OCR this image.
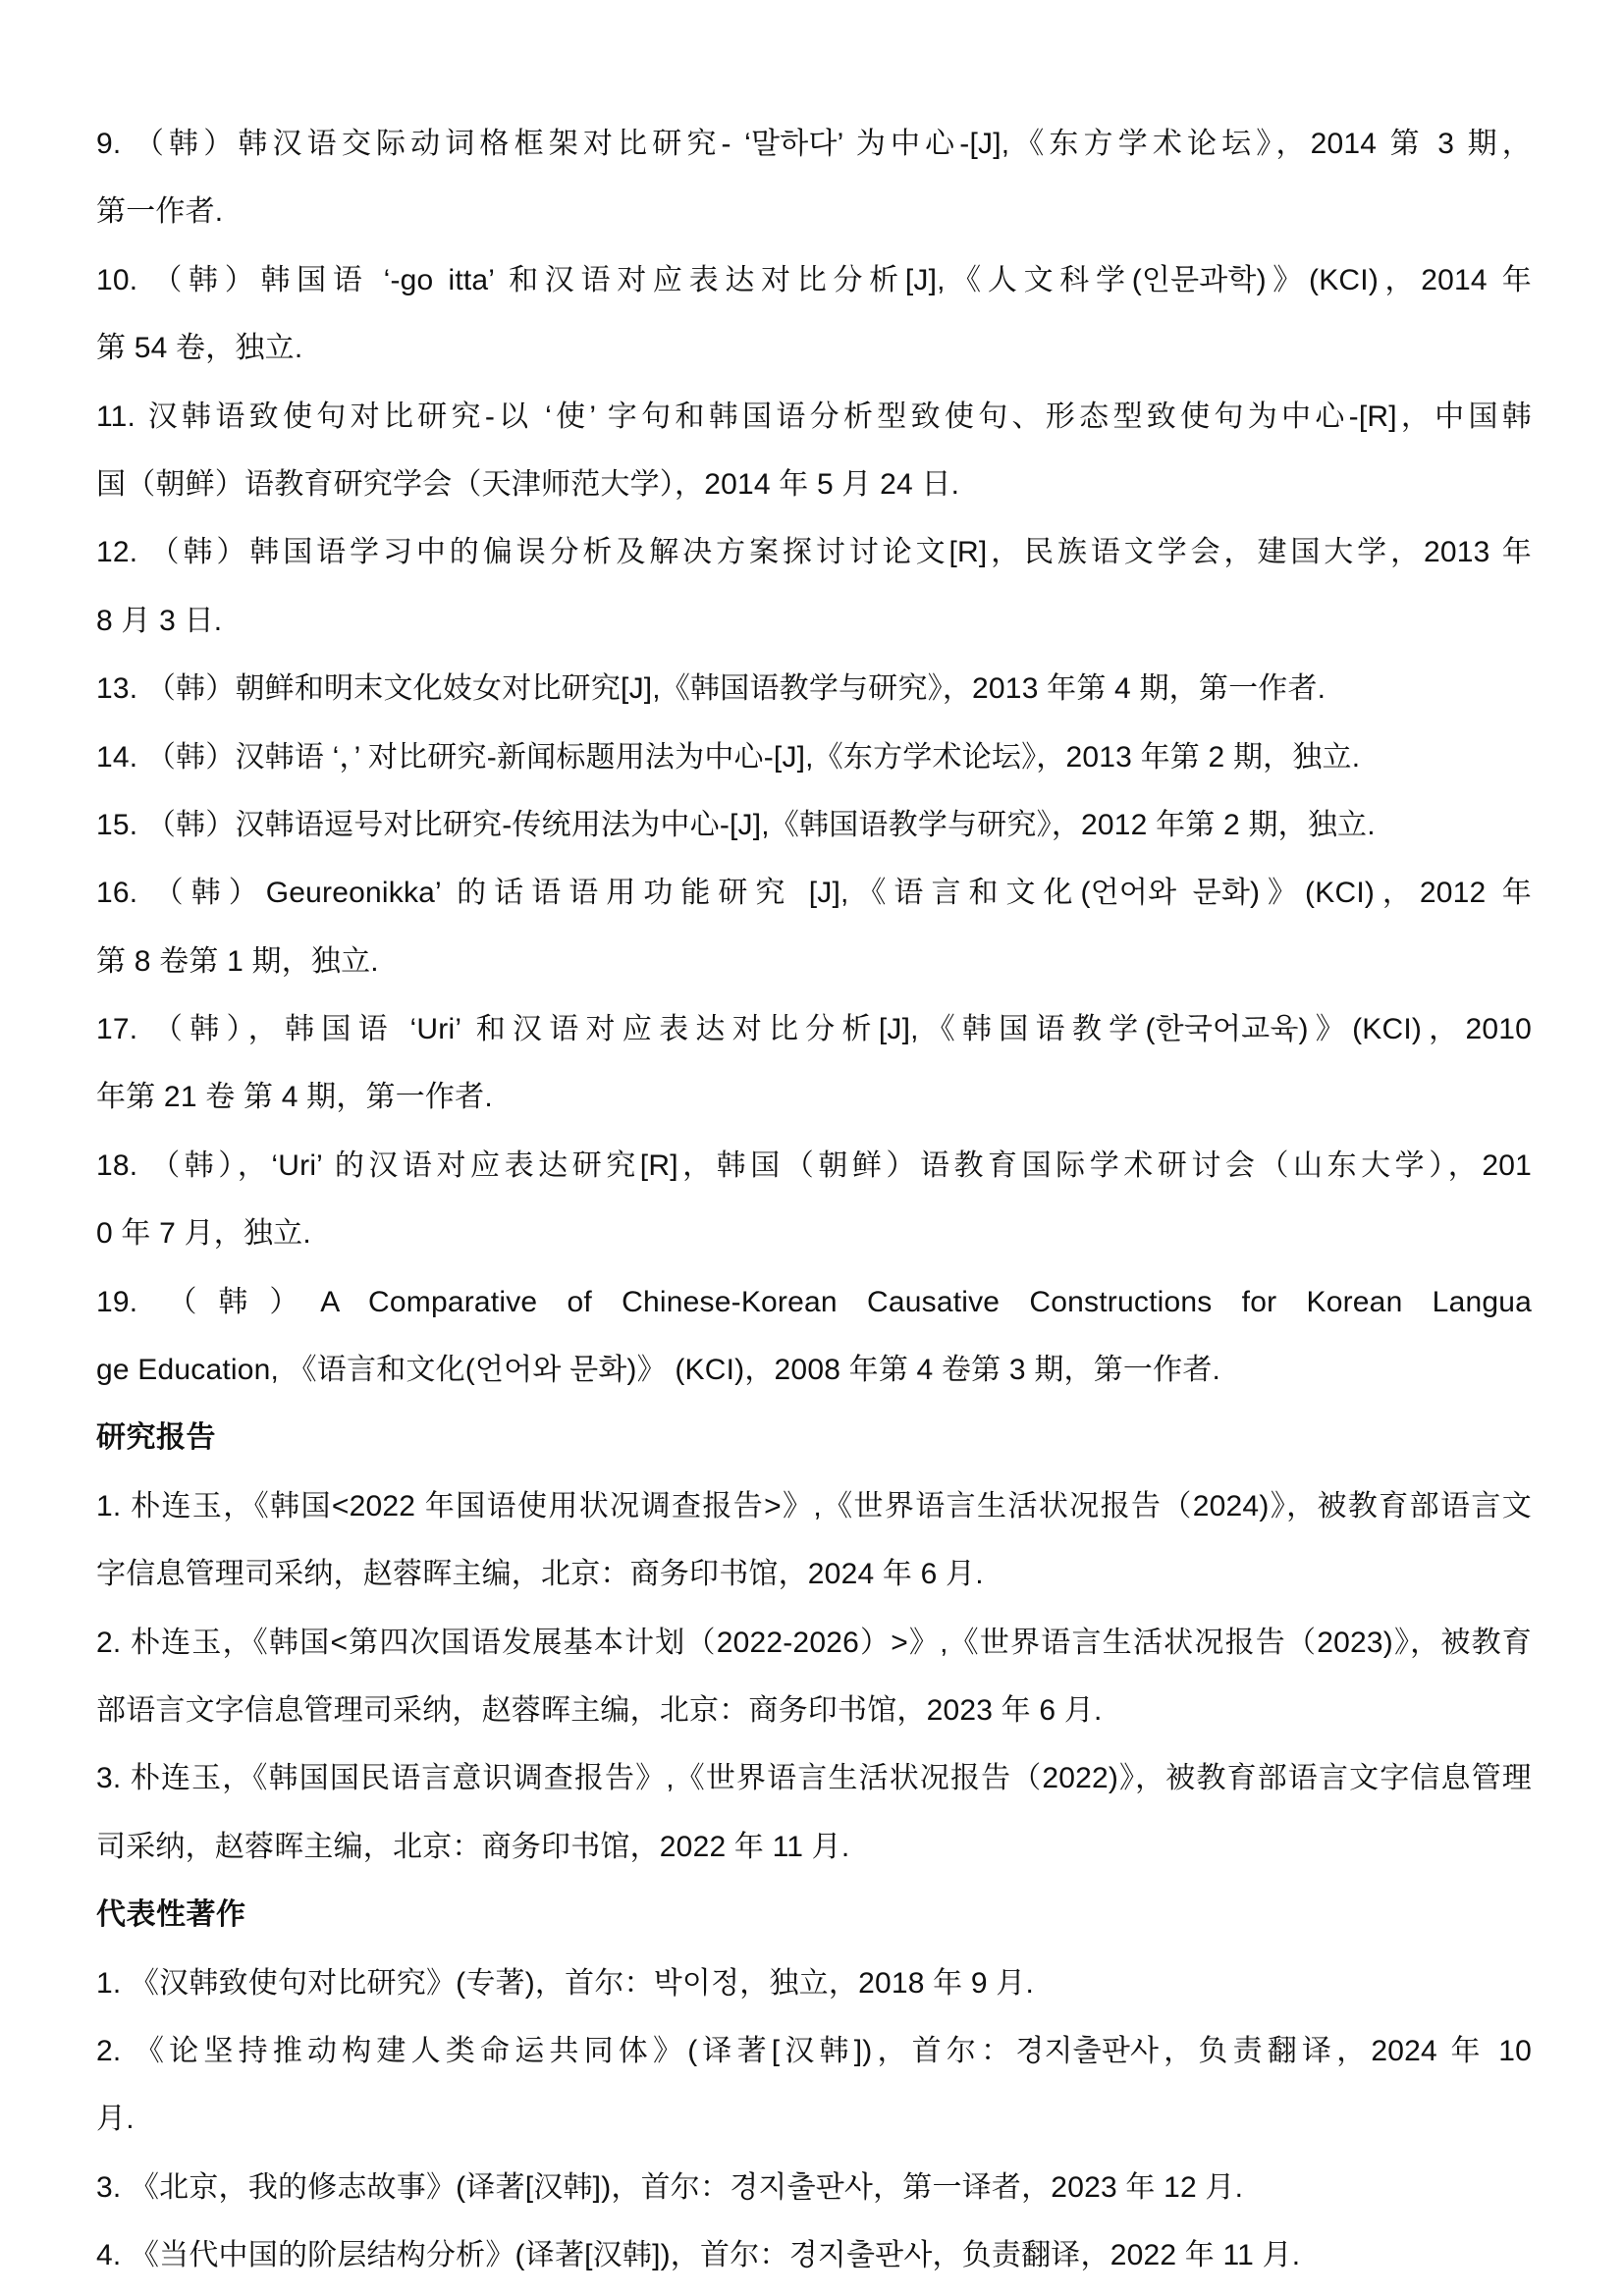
9. （韩）韩汉语交际动词格框架对比研究- ‘말하다’ 为中心-[J],《东方学术论坛》，2014 第 3 期，
第一作者.
10. （韩）韩国语 ‘-go itta’ 和汉语对应表达对比分析[J],《人文科学(인문과학)》(KCI)，2014 年
第 54 卷，独立.
11. 汉韩语致使句对比研究-以 ‘使’ 字句和韩国语分析型致使句、形态型致使句为中心-[R]，中国韩
国（朝鲜）语教育研究学会（天津师范大学），2014 年 5 月 24 日.
12. （韩）韩国语学习中的偏误分析及解决方案探讨讨论文[R]，民族语文学会，建国大学，2013 年
8 月 3 日.
13. （韩）朝鲜和明末文化妓女对比研究[J],《韩国语教学与研究》，2013 年第 4 期，第一作者.
14. （韩）汉韩语 ‘，’ 对比研究-新闻标题用法为中心-[J],《东方学术论坛》，2013 年第 2 期，独立.
15. （韩）汉韩语逗号对比研究-传统用法为中心-[J],《韩国语教学与研究》，2012 年第 2 期，独立.
16. （韩）Geureonikka’ 的话语语用功能研究 [J],《语言和文化(언어와 문화)》(KCI)，2012 年
第 8 卷第 1 期，独立.
17. （韩），韩国语 ‘Uri’ 和汉语对应表达对比分析[J],《韩国语教学(한국어교육)》(KCI)，2010
年第 21 卷 第 4 期，第一作者.
18. （韩），‘Uri’ 的汉语对应表达研究[R]，韩国（朝鲜）语教育国际学术研讨会（山东大学），201
0 年 7 月，独立.
19. （韩）A Comparative of Chinese-Korean Causative Constructions for Korean Langua
ge Education, 《语言和文化(언어와 문화)》 (KCI)，2008 年第 4 卷第 3 期，第一作者.
研究报告
1. 朴连玉，《韩国<2022 年国语使用状况调查报告>》,《世界语言生活状况报告（2024)》，被教育部语言文
字信息管理司采纳，赵蓉晖主编，北京：商务印书馆，2024 年 6 月.
2. 朴连玉，《韩国<第四次国语发展基本计划（2022-2026）>》,《世界语言生活状况报告（2023)》，被教育
部语言文字信息管理司采纳，赵蓉晖主编，北京：商务印书馆，2023 年 6 月.
3. 朴连玉，《韩国国民语言意识调查报告》,《世界语言生活状况报告（2022)》，被教育部语言文字信息管理
司采纳，赵蓉晖主编，北京：商务印书馆，2022 年 11 月.
代表性著作
1. 《汉韩致使句对比研究》(专著)，首尔：박이정，独立，2018 年 9 月.
2. 《论坚持推动构建人类命运共同体》(译著[汉韩])，首尔：경지출판사，负责翻译，2024 年 10
月.
3. 《北京，我的修志故事》(译著[汉韩])，首尔：경지출판사，第一译者，2023 年 12 月.
4. 《当代中国的阶层结构分析》(译著[汉韩])，首尔：경지출판사，负责翻译，2022 年 11 月.
